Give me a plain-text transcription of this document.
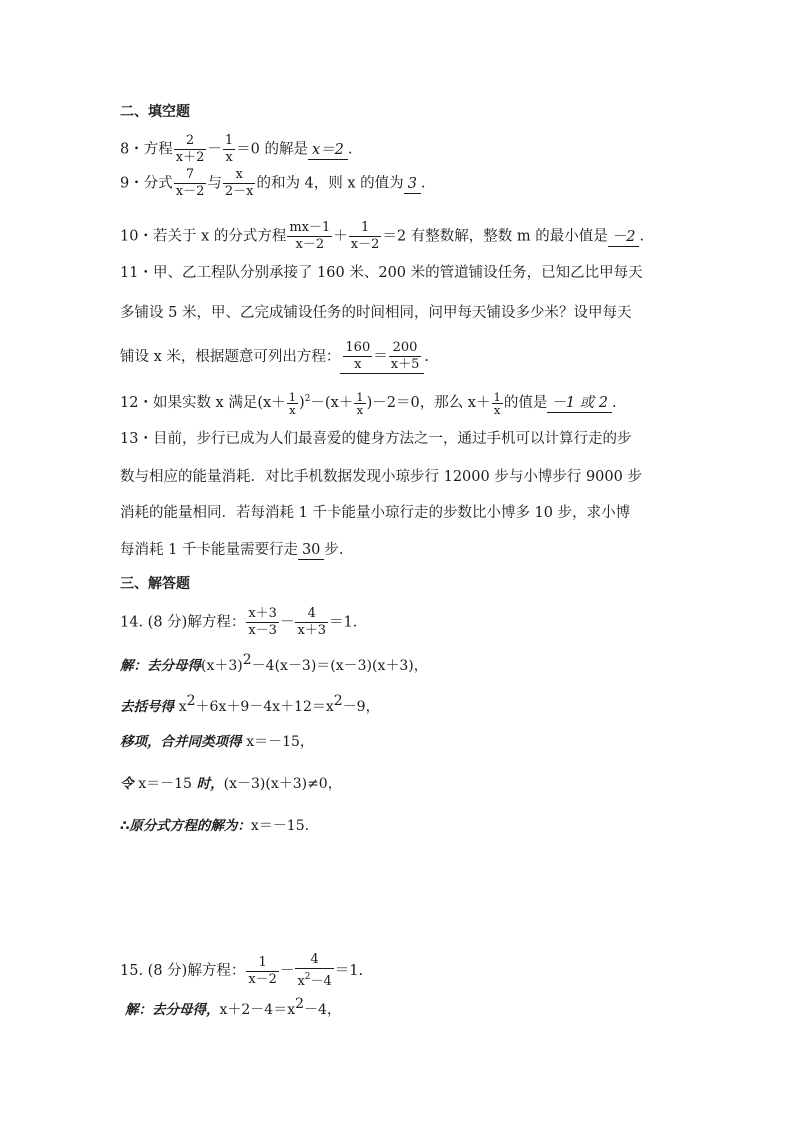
二、填空题
8・方程 $\frac{2}{x+2} - \frac{1}{x} =0$ 的解是 x＝2 .
9・分式 $\frac{7}{x-2}$ 与 $\frac{x}{2-x}$ 的和为 4，则 x 的值为 3 .
10・若关于 x 的分式方程 $\frac{mx-1}{x-2} + \frac{1}{x-2} =2$ 有整数解，整数 m 的最小值是 －2 .
11・甲、乙工程队分别承接了 160 米、200 米的管道铺设任务，已知乙比甲每天
多铺设 5 米，甲、乙完成铺设任务的时间相同，问甲每天铺设多少米？设甲每天
铺设 x 米，根据题意可列出方程： $\frac{160}{x} = \frac{200}{x+5}$ .
12・如果实数 x 满足$(x+ \frac{1}{x} )^2-(x+ \frac{1}{x} )-2=0$，那么 $x+ \frac{1}{x}$ 的值是 －1 或 2 .
13・目前，步行已成为人们最喜爱的健身方法之一，通过手机可以计算行走的步
数与相应的能量消耗．对比手机数据发现小琼步行 12000 步与小博步行 9000 步
消耗的能量相同．若每消耗 1 千卡能量小琼行走的步数比小博多 10 步，求小博
每消耗 1 千卡能量需要行走 30 步.
三、解答题
14. (8 分)解方程： $\frac{x+3}{x-3} - \frac{4}{x+3} =1$.
解：去分母得$(x+3)^2-4(x-3)=(x-3)(x+3)$，
去括号得 $x^2+6x+9-4x+12=x^2-9$，
移项，合并同类项得 x＝－15，
令 x＝－15 时，(x－3)(x＋3)≠0，
∴原分式方程的解为：x＝－15.
15. (8 分)解方程： $\frac{1}{x-2} - \frac{4}{x^2-4} =1$.
解：去分母得，$x+2-4=x^2-4$，
